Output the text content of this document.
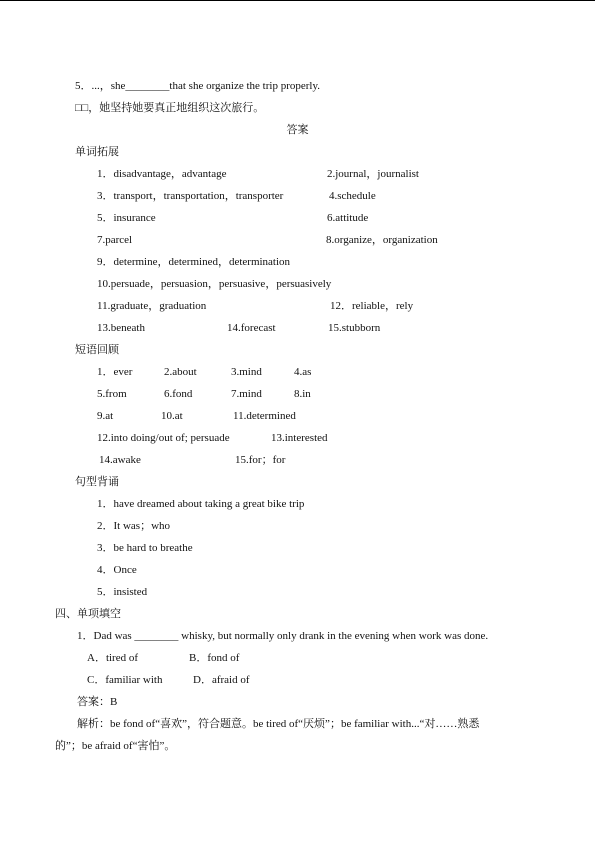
5．...，she________that she organize the trip properly.
□□，她坚持她要真正地组织这次旅行。
答案
单词拓展
1．disadvantage，advantage	2.journal，journalist
3．transport，transportation，transporter	4.schedule
5．insurance	6.attitude
7.parcel	8.organize，organization
9．determine，determined，determination
10.persuade，persuasion，persuasive，persuasively
11.graduate，graduation	12．reliable，rely
13.beneath	14.forecast	15.stubborn
短语回顾
1．ever	2.about	3.mind	4.as
5.from	6.fond	7.mind	8.in
9.at	10.at	11.determined
12.into doing/out of; persuade	13.interested
14.awake	15.for；for
句型背诵
1．have dreamed about taking a great bike trip
2．It was；who
3．be hard to breathe
4．Once
5．insisted
四、单项填空
1．Dad was ________ whisky, but normally only drank in the evening when work was done.
A．tired of	B．fond of
C．familiar with	D．afraid of
答案：B
解析：be fond of“喜欢”，符合题意。be tired of“厌烦”；be familiar with...“对……熟悉
的”；be afraid of“害怕”。
